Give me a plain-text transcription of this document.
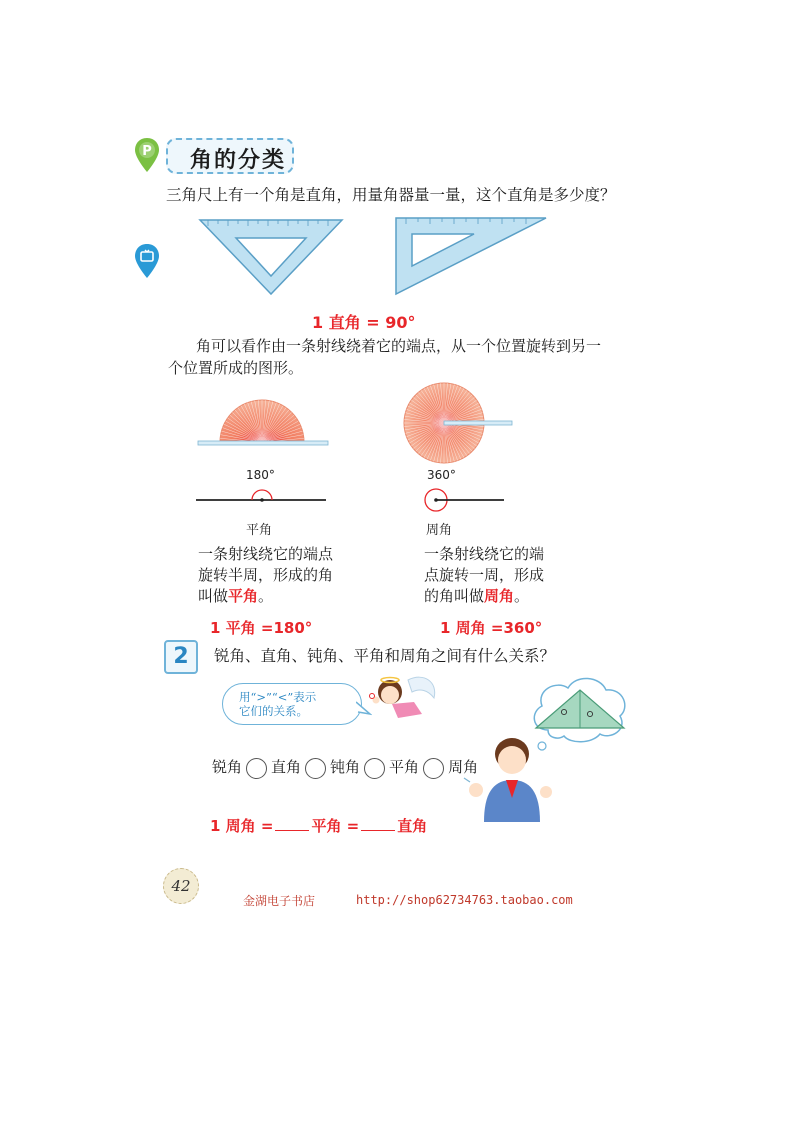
P 角的分类
三角尺上有一个角是直角，用量角器量一量，这个直角是多少度？
1 直角 = 90°
角可以看作由一条射线绕着它的端点，从一个位置旋转到另一
个位置所成的图形。
180°
平角
360°
周角
一条射线绕它的端点
旋转半周，形成的角
叫做平角。
一条射线绕它的端
点旋转一周，形成
的角叫做周角。
1 平角 =180°	1 周角 =360°
2	锐角、直角、钝角、平角和周角之间有什么关系？
用“>”“<”表示
它们的关系。
锐角 直角 钝角 平角 周角
1 周角 =	平角 =	直角
42
金湖电子书店	http://shop62734763.taobao.com
